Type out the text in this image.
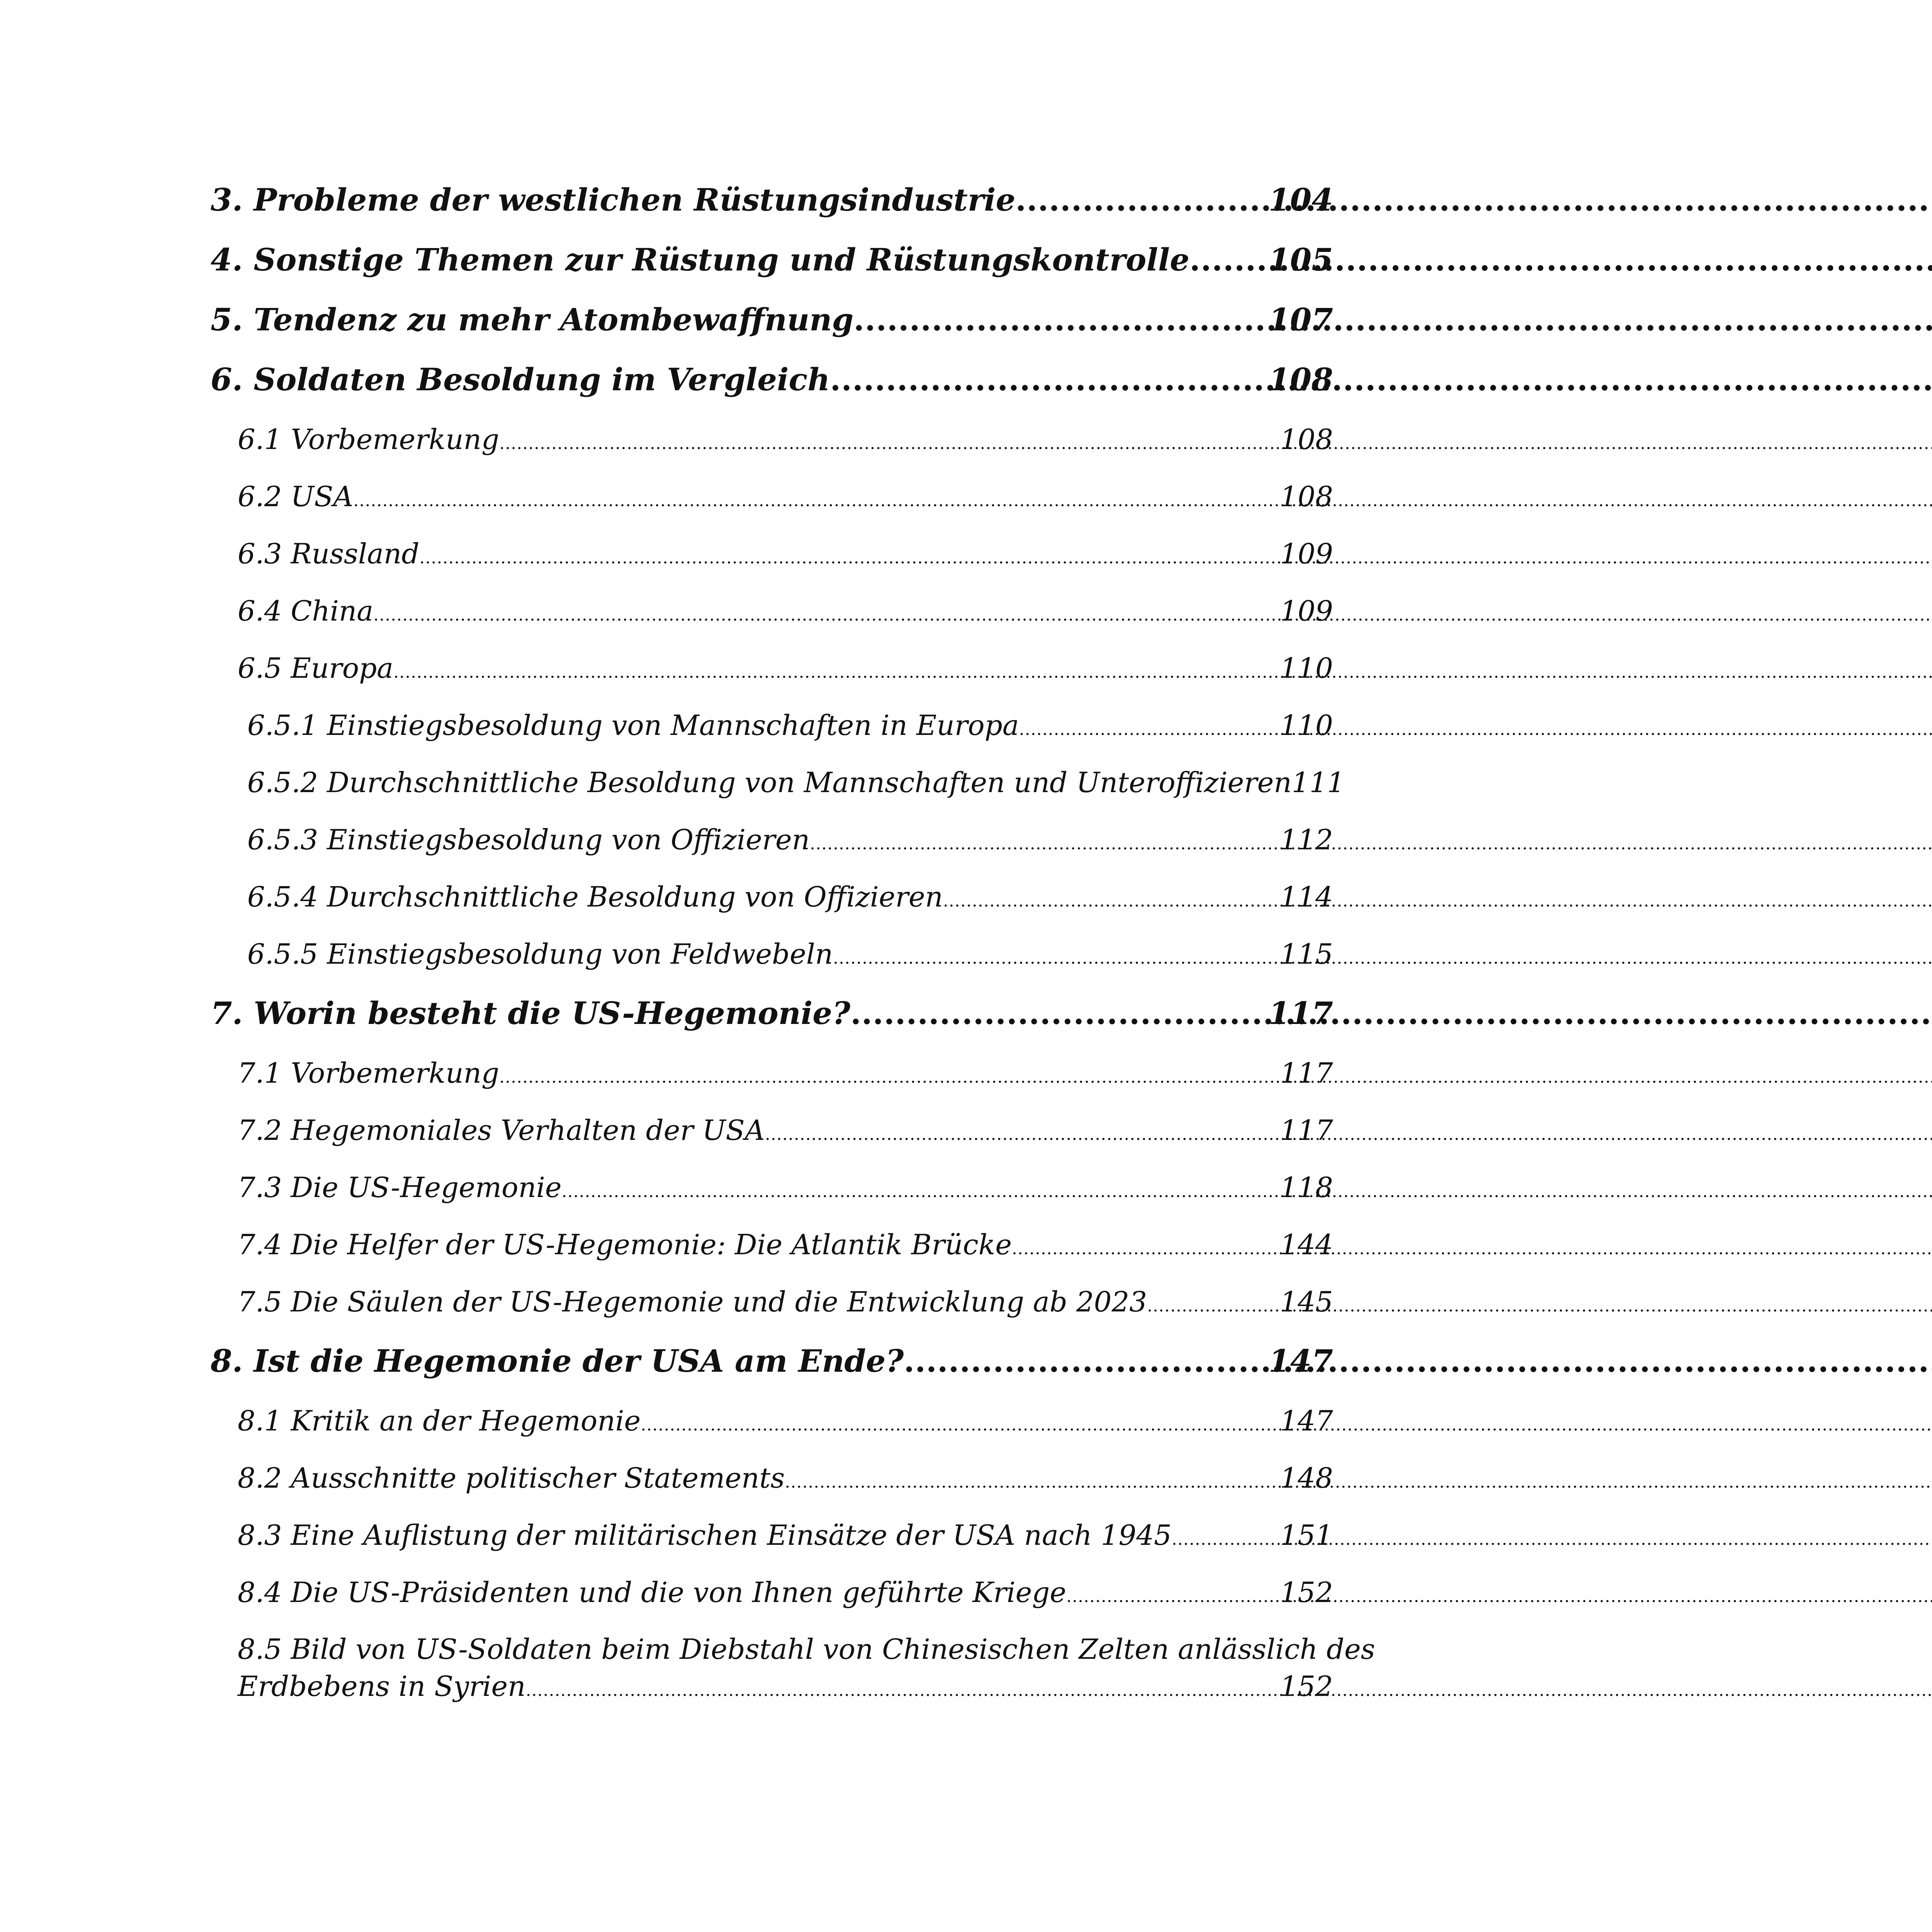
3. Probleme der westlichen Rüstungsindustrie .....	104
4. Sonstige Themen zur Rüstung und Rüstungskontrolle .....	105
5. Tendenz zu mehr Atombewaffnung .....	107
6. Soldaten Besoldung im Vergleich .....	108
6.1 Vorbemerkung .....	108
6.2 USA .....	108
6.3 Russland .....	109
6.4 China .....	109
6.5 Europa .....	110
6.5.1 Einstiegsbesoldung von Mannschaften in Europa .....	110
6.5.2 Durchschnittliche Besoldung von Mannschaften und Unteroffizieren 111
6.5.3 Einstiegsbesoldung von Offizieren .....	112
6.5.4 Durchschnittliche Besoldung von Offizieren .....	114
6.5.5 Einstiegsbesoldung von Feldwebeln .....	115
7. Worin besteht die US-Hegemonie? .....	117
7.1 Vorbemerkung .....	117
7.2 Hegemoniales Verhalten der USA .....	117
7.3 Die US-Hegemonie .....	118
7.4 Die Helfer der US-Hegemonie: Die Atlantik Brücke .....	144
7.5 Die Säulen der US-Hegemonie und die Entwicklung ab 2023 .....	145
8. Ist die Hegemonie der USA am Ende? .....	147
8.1 Kritik an der Hegemonie .....	147
8.2 Ausschnitte politischer Statements .....	148
8.3 Eine Auflistung der militärischen Einsätze der USA nach 1945 .....	151
8.4 Die US-Präsidenten und die von Ihnen geführte Kriege .....	152
8.5 Bild von US-Soldaten beim Diebstahl von Chinesischen Zelten anlässlich des
Erdbebens in Syrien .....	152
